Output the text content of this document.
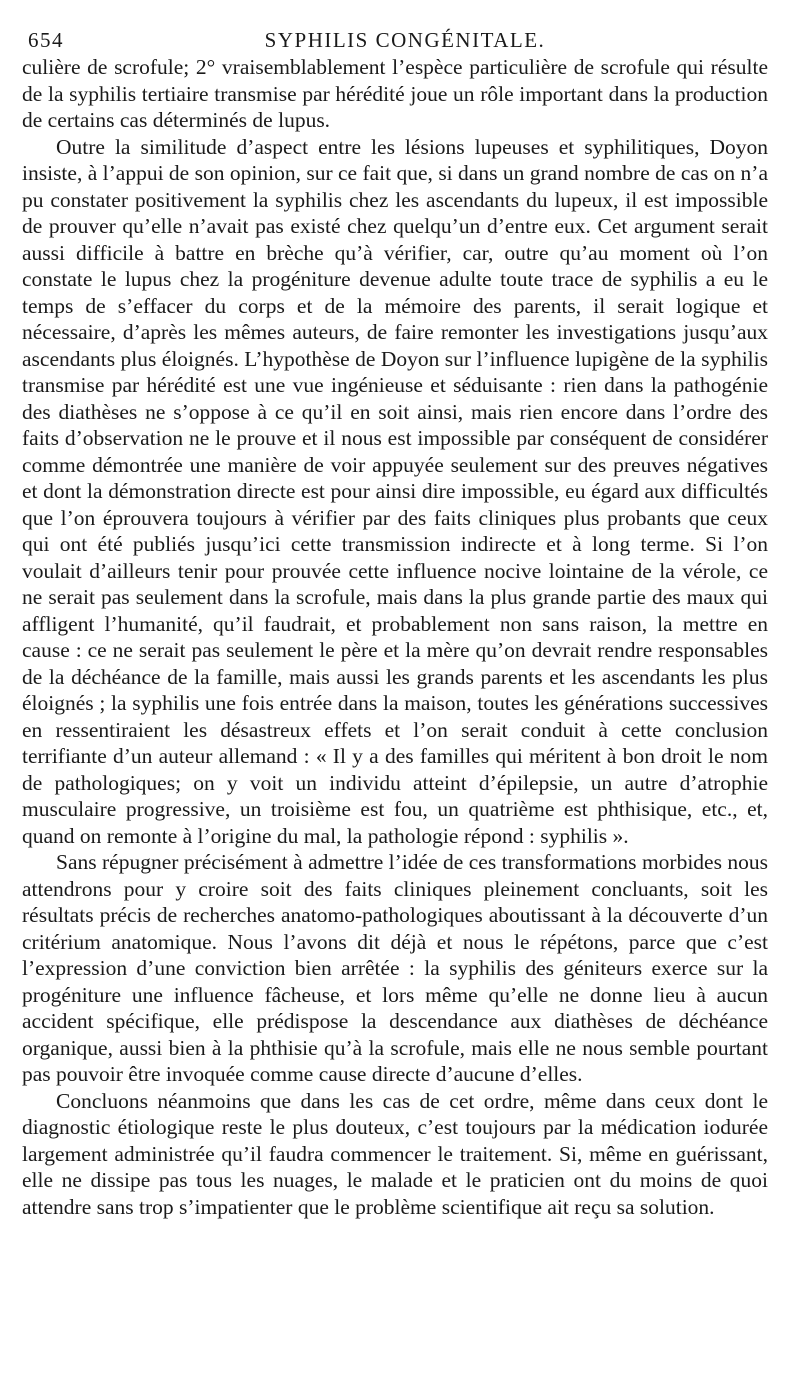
654	SYPHILIS CONGÉNITALE.

culière de scrofule; 2° vraisemblablement l’espèce particulière de scrofule qui résulte de la syphilis tertiaire transmise par hérédité joue un rôle important dans la production de certains cas déterminés de lupus.

Outre la similitude d’aspect entre les lésions lupeuses et syphilitiques, Doyon insiste, à l’appui de son opinion, sur ce fait que, si dans un grand nombre de cas on n’a pu constater positivement la syphilis chez les ascendants du lupeux, il est impossible de prouver qu’elle n’avait pas existé chez quelqu’un d’entre eux. Cet argument serait aussi difficile à battre en brèche qu’à vérifier, car, outre qu’au moment où l’on constate le lupus chez la progéniture devenue adulte toute trace de syphilis a eu le temps de s’effacer du corps et de la mémoire des parents, il serait logique et nécessaire, d’après les mêmes auteurs, de faire remonter les investigations jusqu’aux ascendants plus éloignés. L’hypothèse de Doyon sur l’influence lupigène de la syphilis transmise par hérédité est une vue ingénieuse et séduisante : rien dans la pathogénie des diathèses ne s’oppose à ce qu’il en soit ainsi, mais rien encore dans l’ordre des faits d’observation ne le prouve et il nous est impossible par conséquent de considérer comme démontrée une manière de voir appuyée seulement sur des preuves négatives et dont la démonstration directe est pour ainsi dire impossible, eu égard aux difficultés que l’on éprouvera toujours à vérifier par des faits cliniques plus probants que ceux qui ont été publiés jusqu’ici cette transmission indirecte et à long terme. Si l’on voulait d’ailleurs tenir pour prouvée cette influence nocive lointaine de la vérole, ce ne serait pas seulement dans la scrofule, mais dans la plus grande partie des maux qui affligent l’humanité, qu’il faudrait, et probablement non sans raison, la mettre en cause : ce ne serait pas seulement le père et la mère qu’on devrait rendre responsables de la déchéance de la famille, mais aussi les grands parents et les ascendants les plus éloignés ; la syphilis une fois entrée dans la maison, toutes les générations successives en ressentiraient les désastreux effets et l’on serait conduit à cette conclusion terrifiante d’un auteur allemand : « Il y a des familles qui méritent à bon droit le nom de pathologiques; on y voit un individu atteint d’épilepsie, un autre d’atrophie musculaire progressive, un troisième est fou, un quatrième est phthisique, etc., et, quand on remonte à l’origine du mal, la pathologie répond : syphilis ».

Sans répugner précisément à admettre l’idée de ces transformations morbides nous attendrons pour y croire soit des faits cliniques pleinement concluants, soit les résultats précis de recherches anatomo-pathologiques aboutissant à la découverte d’un critérium anatomique. Nous l’avons dit déjà et nous le répétons, parce que c’est l’expression d’une conviction bien arrêtée : la syphilis des géniteurs exerce sur la progéniture une influence fâcheuse, et lors même qu’elle ne donne lieu à aucun accident spécifique, elle prédispose la descendance aux diathèses de déchéance organique, aussi bien à la phthisie qu’à la scrofule, mais elle ne nous semble pourtant pas pouvoir être invoquée comme cause directe d’aucune d’elles.

Concluons néanmoins que dans les cas de cet ordre, même dans ceux dont le diagnostic étiologique reste le plus douteux, c’est toujours par la médication iodurée largement administrée qu’il faudra commencer le traitement. Si, même en guérissant, elle ne dissipe pas tous les nuages, le malade et le praticien ont du moins de quoi attendre sans trop s’impatienter que le problème scientifique ait reçu sa solution.
